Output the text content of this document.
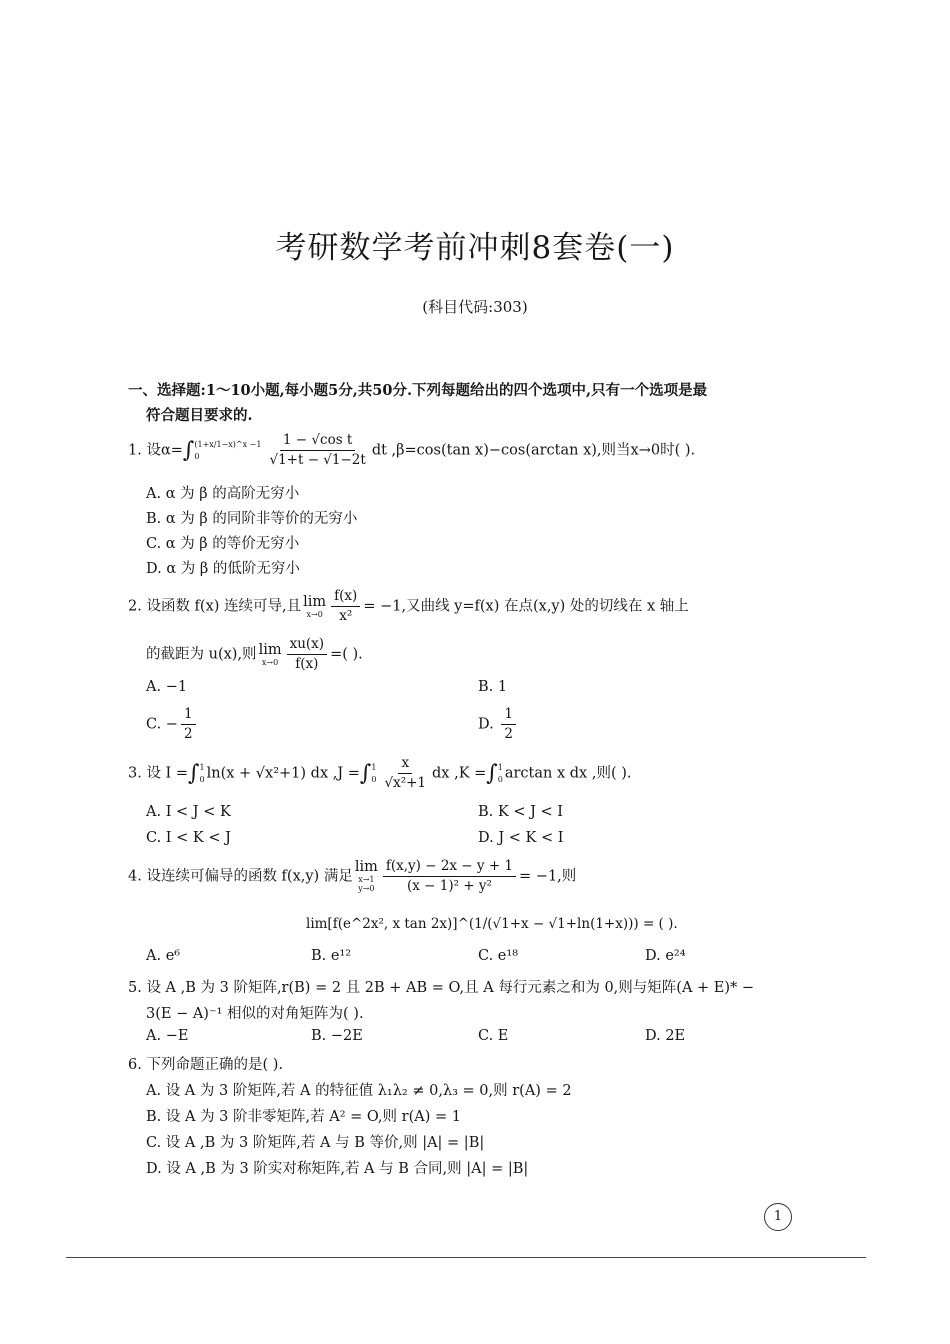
考研数学考前冲刺8套卷(一)
(科目代码:303)
一、选择题:1～10小题,每小题5分,共50分.下列每题给出的四个选项中,只有一个选项是最
符合题目要求的.
1. 设α=∫ (1+x/1−x)^x −1
0	$\frac{\text{1 − √cos t}}{√1+t - √1-2t}$ dt ,β=cos(tan x)−cos(arctan x),则当x→0时( ).
A. α 为 β 的高阶无穷小
B. α 为 β 的同阶非等价的无穷小
C. α 为 β 的等价无穷小
D. α 为 β 的低阶无穷小
2. 设函数 f(x) 连续可导,且 lim
$x\to 0 \frac{f(x)}{\text{x²}} = -1$,又曲线 y=f(x) 在点(x,y) 处的切线在 x 轴上
的截距为 u(x),则 lim
$x\to 0 \frac{xu(x)}{f(x)}$ =( ).
A. −1	B. 1
C. − $\frac{1}{2}$	D. $\frac{1}{2}$
3. 设 I =∫ 1
0 ln(x + √x²+1) dx ,J =∫ 1
$0 \frac{x}{\text{√x²+1}}$ dx ,K =∫ 1
0 arctan x dx ,则( ).
A. I < J < K	B. K < J < I
C. I < K < J	D. J < K < I
4. 设连续可偏导的函数 f(x,y) 满足
lim
x→1
$y\to 0 \frac{f(x,y) - 2x - y + 1}{\text{(x − 1)² + y²}} = -1$,则
lim[f(e^2x², x tan 2x)]^(1/(√1+x − √1+ln(1+x))) = ( ).
A. e⁶	B. e¹²	C. e¹⁸	D. e²⁴
5. 设 A ,B 为 3 阶矩阵,r(B) = 2 且 2B + AB = O,且 A 每行元素之和为 0,则与矩阵(A + E)* −
3(E − A)⁻¹ 相似的对角矩阵为( ).
A. −E	B. −2E	C. E	D. 2E
6. 下列命题正确的是( ).
A. 设 A 为 3 阶矩阵,若 A 的特征值 λ₁λ₂ ≠ 0,λ₃ = 0,则 r(A) = 2
B. 设 A 为 3 阶非零矩阵,若 A² = O,则 r(A) = 1
C. 设 A ,B 为 3 阶矩阵,若 A 与 B 等价,则 |A| = |B|
D. 设 A ,B 为 3 阶实对称矩阵,若 A 与 B 合同,则 |A| = |B|
1
